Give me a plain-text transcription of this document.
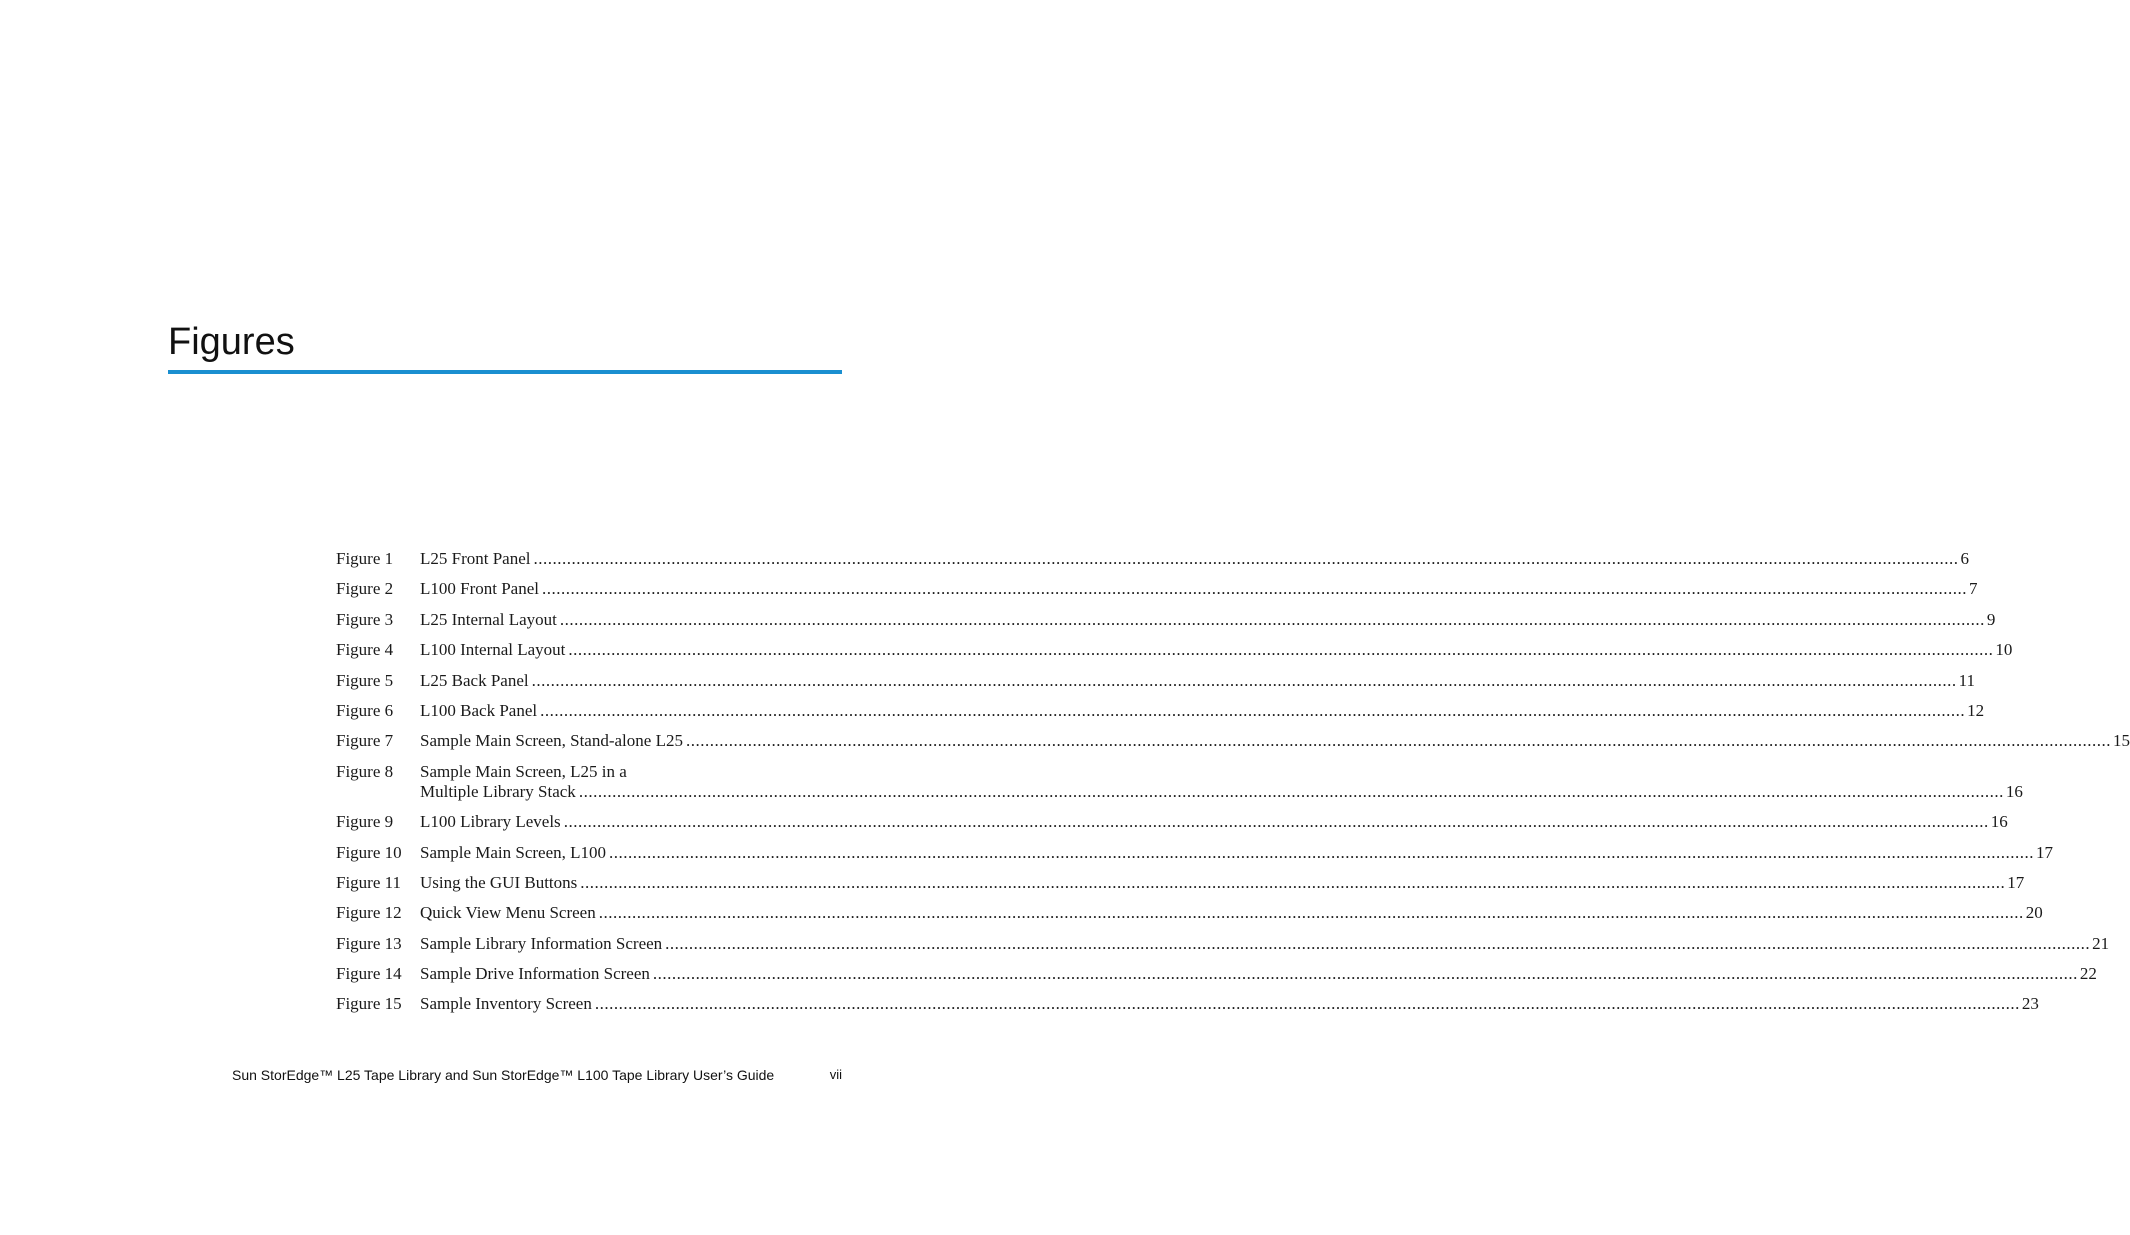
Figures
Figure 1	L25 Front Panel ............................................................................................................................................................................................................................................................................................................ 6
Figure 2	L100 Front Panel ............................................................................................................................................................................................................................................................................................................ 7
Figure 3	L25 Internal Layout ............................................................................................................................................................................................................................................................................................................ 9
Figure 4	L100 Internal Layout ............................................................................................................................................................................................................................................................................................................ 10
Figure 5	L25 Back Panel ............................................................................................................................................................................................................................................................................................................ 11
Figure 6	L100 Back Panel ............................................................................................................................................................................................................................................................................................................ 12
Figure 7	Sample Main Screen, Stand-alone L25 ............................................................................................................................................................................................................................................................................................................ 15
Figure 8	Sample Main Screen, L25 in a
Multiple Library Stack ............................................................................................................................................................................................................................................................................................................ 16
Figure 9	L100 Library Levels ............................................................................................................................................................................................................................................................................................................ 16
Figure 10	Sample Main Screen, L100 ............................................................................................................................................................................................................................................................................................................ 17
Figure 11	Using the GUI Buttons ............................................................................................................................................................................................................................................................................................................ 17
Figure 12	Quick View Menu Screen ............................................................................................................................................................................................................................................................................................................ 20
Figure 13	Sample Library Information Screen ............................................................................................................................................................................................................................................................................................................ 21
Figure 14	Sample Drive Information Screen ............................................................................................................................................................................................................................................................................................................ 22
Figure 15	Sample Inventory Screen ............................................................................................................................................................................................................................................................................................................ 23
Sun StorEdge™ L25 Tape Library and Sun StorEdge™ L100 Tape Library User’s Guide	vii
